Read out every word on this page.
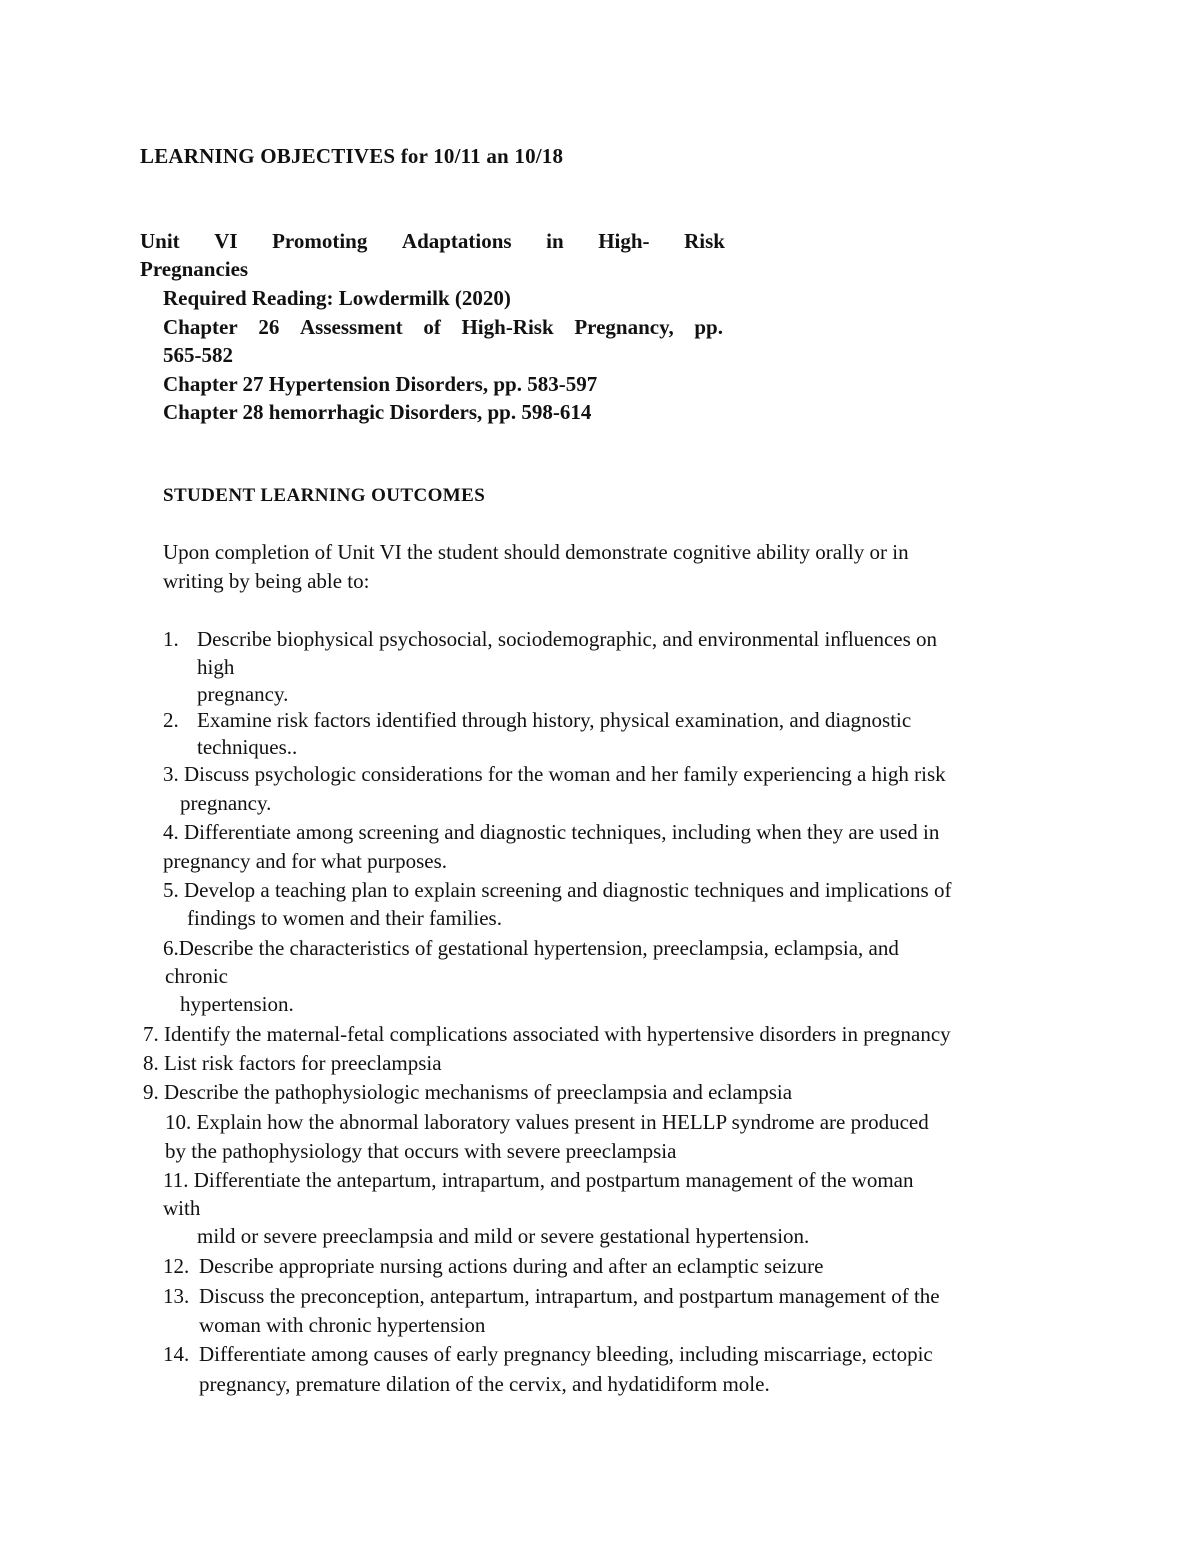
LEARNING OBJECTIVES for 10/11 an 10/18
Unit VI Promoting Adaptations in High- Risk
Pregnancies
Required Reading: Lowdermilk (2020)
Chapter 26 Assessment of High-Risk Pregnancy, pp.
565-582
Chapter 27 Hypertension Disorders, pp. 583-597
Chapter 28 hemorrhagic Disorders, pp. 598-614
STUDENT LEARNING OUTCOMES
Upon completion of Unit VI the student should demonstrate cognitive ability orally or in
writing by being able to:
1. Describe biophysical psychosocial, sociodemographic, and environmental influences on
high
pregnancy.
2. Examine risk factors identified through history, physical examination, and diagnostic
techniques..
3. Discuss psychologic considerations for the woman and her family experiencing a high risk
pregnancy.
4. Differentiate among screening and diagnostic techniques, including when they are used in
pregnancy and for what purposes.
5. Develop a teaching plan to explain screening and diagnostic techniques and implications of
findings to women and their families.
6.Describe the characteristics of gestational hypertension, preeclampsia, eclampsia, and
chronic
hypertension.
7. Identify the maternal-fetal complications associated with hypertensive disorders in pregnancy
8. List risk factors for preeclampsia
9. Describe the pathophysiologic mechanisms of preeclampsia and eclampsia
10. Explain how the abnormal laboratory values present in HELLP syndrome are produced
by the pathophysiology that occurs with severe preeclampsia
11. Differentiate the antepartum, intrapartum, and postpartum management of the woman
with
mild or severe preeclampsia and mild or severe gestational hypertension.
12. Describe appropriate nursing actions during and after an eclamptic seizure
13. Discuss the preconception, antepartum, intrapartum, and postpartum management of the
woman with chronic hypertension
14. Differentiate among causes of early pregnancy bleeding, including miscarriage, ectopic
pregnancy, premature dilation of the cervix, and hydatidiform mole.
